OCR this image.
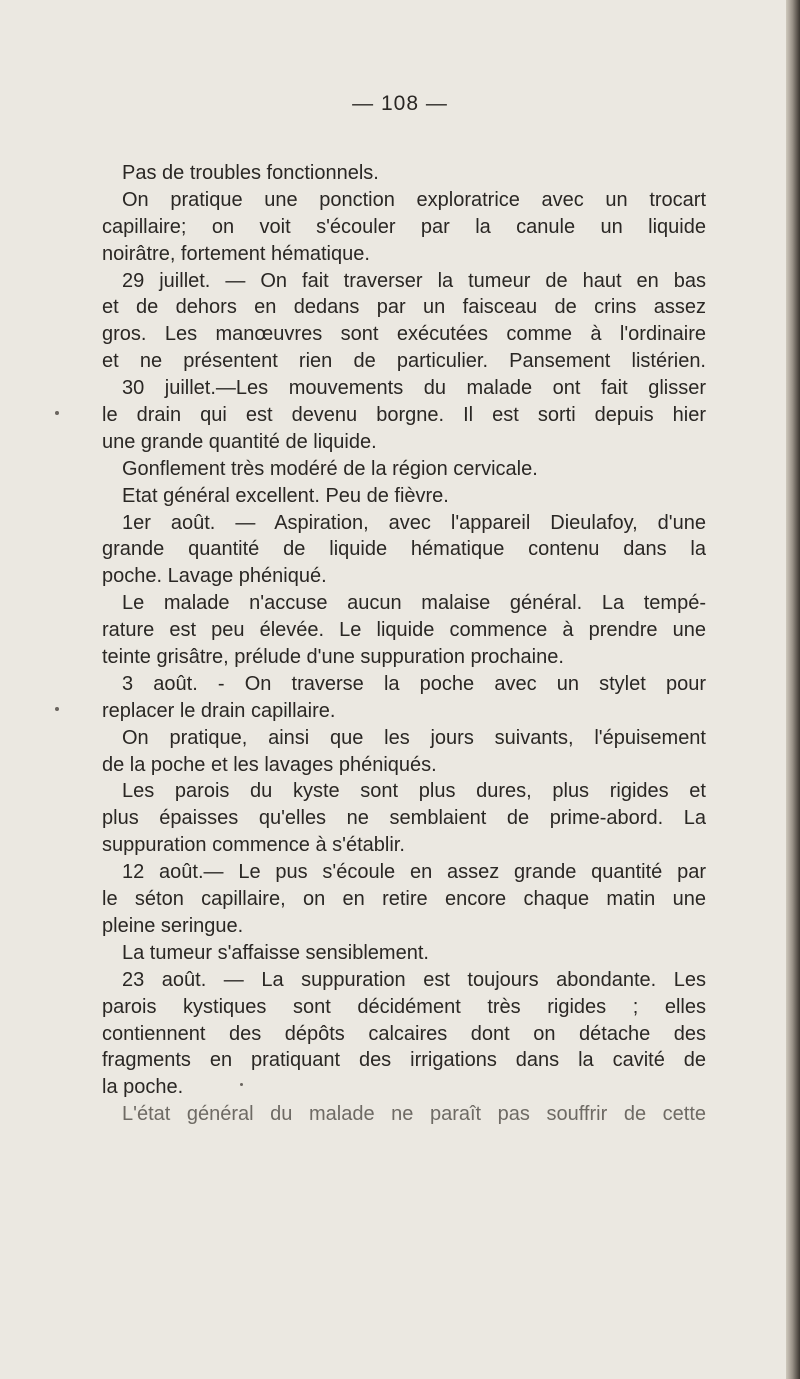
— 108 —
Pas de troubles fonctionnels.
On pratique une ponction exploratrice avec un trocart
capillaire; on voit s'écouler par la canule un liquide
noirâtre, fortement hématique.
29 juillet. — On fait traverser la tumeur de haut en bas
et de dehors en dedans par un faisceau de crins assez
gros. Les manœuvres sont exécutées comme à l'ordinaire
et ne présentent rien de particulier. Pansement listérien.
30 juillet.—Les mouvements du malade ont fait glisser
le drain qui est devenu borgne. Il est sorti depuis hier
une grande quantité de liquide.
Gonflement très modéré de la région cervicale.
Etat général excellent. Peu de fièvre.
1er août. — Aspiration, avec l'appareil Dieulafoy, d'une
grande quantité de liquide hématique contenu dans la
poche. Lavage phéniqué.
Le malade n'accuse aucun malaise général. La tempé-
rature est peu élevée. Le liquide commence à prendre une
teinte grisâtre, prélude d'une suppuration prochaine.
3 août. - On traverse la poche avec un stylet pour
replacer le drain capillaire.
On pratique, ainsi que les jours suivants, l'épuisement
de la poche et les lavages phéniqués.
Les parois du kyste sont plus dures, plus rigides et
plus épaisses qu'elles ne semblaient de prime-abord. La
suppuration commence à s'établir.
12 août.— Le pus s'écoule en assez grande quantité par
le séton capillaire, on en retire encore chaque matin une
pleine seringue.
La tumeur s'affaisse sensiblement.
23 août. — La suppuration est toujours abondante. Les
parois kystiques sont décidément très rigides ; elles
contiennent des dépôts calcaires dont on détache des
fragments en pratiquant des irrigations dans la cavité de
la poche.
L'état général du malade ne paraît pas souffrir de cette
